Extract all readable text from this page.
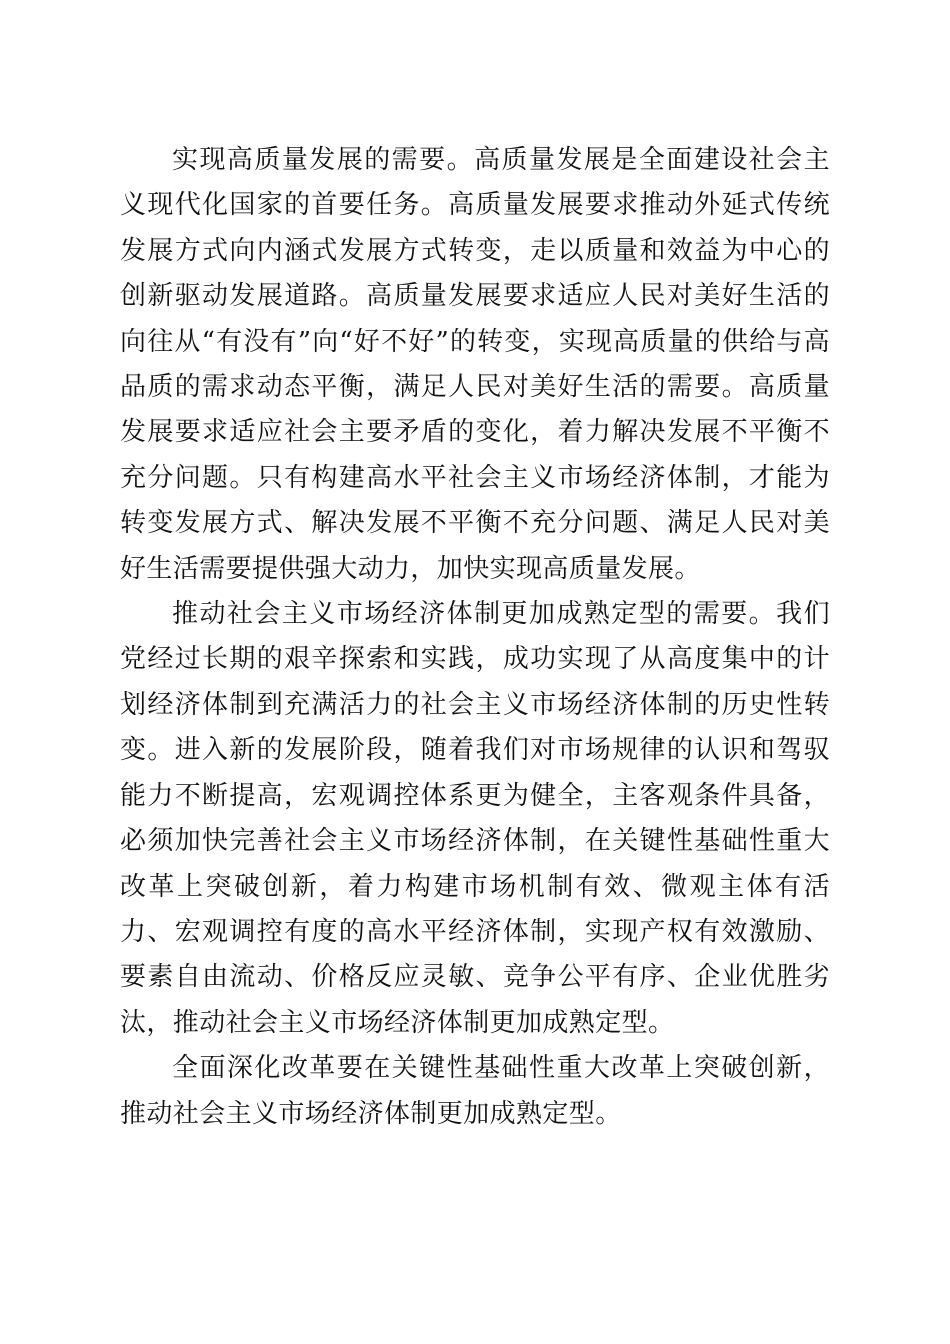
实现高质量发展的需要。高质量发展是全面建设社会主义现代化国家的首要任务。高质量发展要求推动外延式传统发展方式向内涵式发展方式转变，走以质量和效益为中心的创新驱动发展道路。高质量发展要求适应人民对美好生活的向往从“有没有”向“好不好”的转变，实现高质量的供给与高品质的需求动态平衡，满足人民对美好生活的需要。高质量发展要求适应社会主要矛盾的变化，着力解决发展不平衡不充分问题。只有构建高水平社会主义市场经济体制，才能为转变发展方式、解决发展不平衡不充分问题、满足人民对美好生活需要提供强大动力，加快实现高质量发展。

推动社会主义市场经济体制更加成熟定型的需要。我们党经过长期的艰辛探索和实践，成功实现了从高度集中的计划经济体制到充满活力的社会主义市场经济体制的历史性转变。进入新的发展阶段，随着我们对市场规律的认识和驾驭能力不断提高，宏观调控体系更为健全，主客观条件具备，必须加快完善社会主义市场经济体制，在关键性基础性重大改革上突破创新，着力构建市场机制有效、微观主体有活力、宏观调控有度的高水平经济体制，实现产权有效激励、要素自由流动、价格反应灵敏、竞争公平有序、企业优胜劣汰，推动社会主义市场经济体制更加成熟定型。

全面深化改革要在关键性基础性重大改革上突破创新，推动社会主义市场经济体制更加成熟定型。
